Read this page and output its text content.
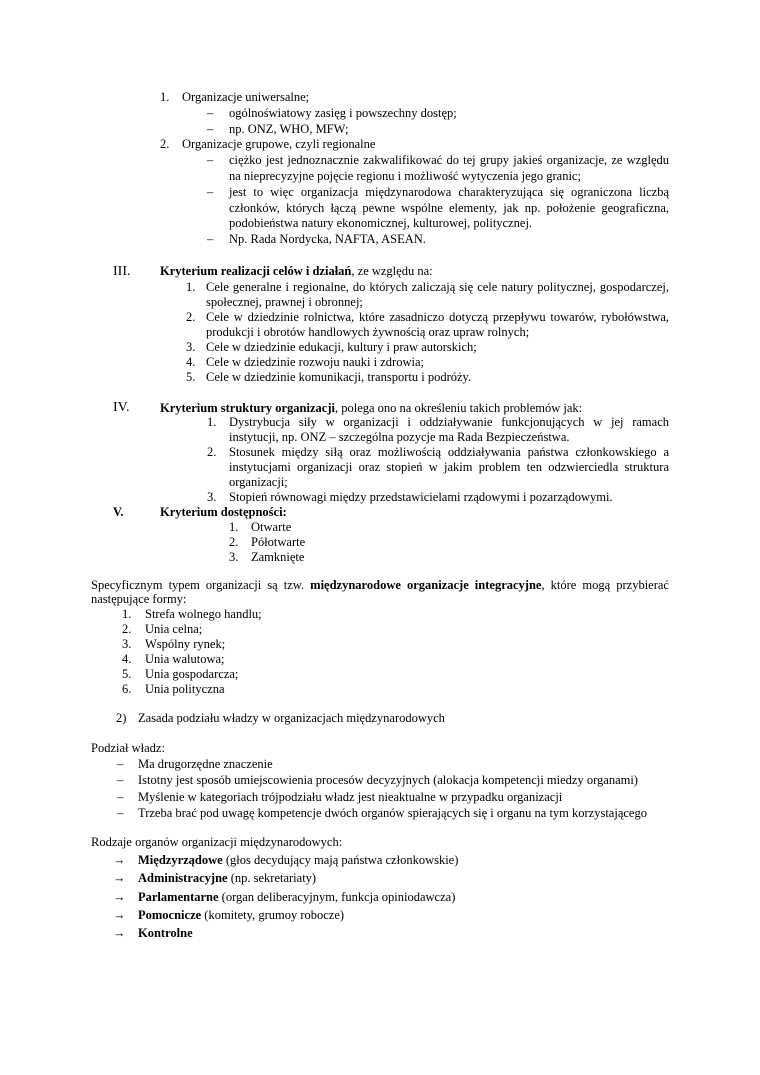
1. Organizacje uniwersalne;
– ogólnoświatowy zasięg i powszechny dostęp;
– np. ONZ, WHO, MFW;
2. Organizacje grupowe, czyli regionalne
– ciężko jest jednoznacznie zakwalifikować do tej grupy jakieś organizacje, ze względu na nieprecyzyjne pojęcie regionu i możliwość wytyczenia jego granic;
– jest to więc organizacja międzynarodowa charakteryzująca się ograniczona liczbą członków, których łączą pewne wspólne elementy, jak np. położenie geograficzna, podobieństwa natury ekonomicznej, kulturowej, politycznej.
– Np. Rada Nordycka, NAFTA, ASEAN.
III. Kryterium realizacji celów i działań, ze względu na:
1. Cele generalne i regionalne, do których zaliczają się cele natury politycznej, gospodarczej, społecznej, prawnej i obronnej;
2. Cele w dziedzinie rolnictwa, które zasadniczo dotyczą przepływu towarów, rybołówstwa, produkcji i obrotów handlowych żywnością oraz upraw rolnych;
3. Cele w dziedzinie edukacji, kultury i praw autorskich;
4. Cele w dziedzinie rozwoju nauki i zdrowia;
5. Cele w dziedzinie komunikacji, transportu i podróży.
IV. Kryterium struktury organizacji, polega ono na określeniu takich problemów jak:
1. Dystrybucja siły w organizacji i oddziaływanie funkcjonujących w jej ramach instytucji, np. ONZ – szczególna pozycje ma Rada Bezpieczeństwa.
2. Stosunek między siłą oraz możliwością oddziaływania państwa członkowskiego a instytucjami organizacji oraz stopień w jakim problem ten odzwierciedla struktura organizacji;
3. Stopień równowagi między przedstawicielami rządowymi i pozarządowymi.
V.	Kryterium dostępności:
1. Otwarte
2. Półotwarte
3. Zamknięte
Specyficznym typem organizacji są tzw. międzynarodowe organizacje integracyjne, które mogą przybierać następujące formy:
1. Strefa wolnego handlu;
2. Unia celna;
3. Wspólny rynek;
4. Unia walutowa;
5. Unia gospodarcza;
6. Unia polityczna
2) Zasada podziału władzy w organizacjach międzynarodowych
Podział władz:
– Ma drugorzędne znaczenie
– Istotny jest sposób umiejscowienia procesów decyzyjnych (alokacja kompetencji miedzy organami)
– Myślenie w kategoriach trójpodziału władz jest nieaktualne w przypadku organizacji
– Trzeba brać pod uwagę kompetencje dwóch organów spierających się i organu na tym korzystającego
Rodzaje organów organizacji międzynarodowych:
→ Międzyrządowe (głos decydujący mają państwa członkowskie)
→ Administracyjne (np. sekretariaty)
→ Parlamentarne (organ deliberacyjnym, funkcja opiniodawcza)
→ Pomocnicze (komitety, grumoy robocze)
→ Kontrolne
